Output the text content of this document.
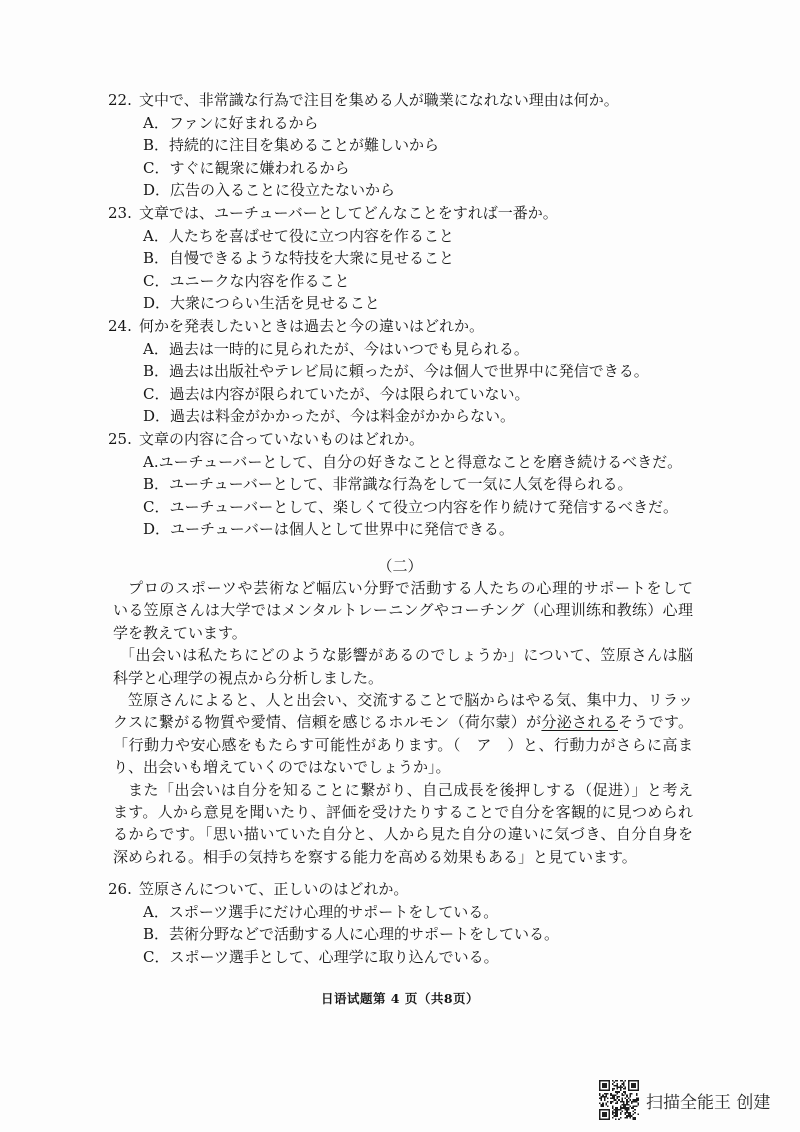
22. 文中で、非常識な行為で注目を集める人が職業になれない理由は何か。
A．ファンに好まれるから
B．持続的に注目を集めることが難しいから
C．すぐに観衆に嫌われるから
D．広告の入ることに役立たないから
23. 文章では、ユーチューバーとしてどんなことをすれば一番か。
A．人たちを喜ばせて役に立つ内容を作ること
B．自慢できるような特技を大衆に見せること
C．ユニークな内容を作ること
D．大衆につらい生活を見せること
24. 何かを発表したいときは過去と今の違いはどれか。
A．過去は一時的に見られたが、今はいつでも見られる。
B．過去は出版社やテレビ局に頼ったが、今は個人で世界中に発信できる。
C．過去は内容が限られていたが、今は限られていない。
D．過去は料金がかかったが、今は料金がかからない。
25. 文章の内容に合っていないものはどれか。
A.ユーチューバーとして、自分の好きなことと得意なことを磨き続けるべきだ。
B．ユーチューバーとして、非常識な行為をして一気に人気を得られる。
C．ユーチューバーとして、楽しくて役立つ内容を作り続けて発信するべきだ。
D．ユーチューバーは個人として世界中に発信できる。
（二）
プロのスポーツや芸術など幅広い分野で活動する人たちの心理的サポートをして
いる笠原さんは大学ではメンタルトレーニングやコーチング（心理训练和教练）心理
学を教えています。
「出会いは私たちにどのような影響があるのでしょうか」について、笠原さんは脳
科学と心理学の視点から分析しました。
笠原さんによると、人と出会い、交流することで脳からはやる気、集中力、リラッ
クスに繋がる物質や愛情、信頼を感じるホルモン（荷尔蒙）が分泌されるそうです。
「行動力や安心感をもたらす可能性があります。（　ア　）と、行動力がさらに高ま
り、出会いも増えていくのではないでしょうか」。
また「出会いは自分を知ることに繋がり、自己成長を後押しする（促进）」と考え
ます。人から意見を聞いたり、評価を受けたりすることで自分を客観的に見つめられ
るからです。「思い描いていた自分と、人から見た自分の違いに気づき、自分自身を
深められる。相手の気持ちを察する能力を高める効果もある」と見ています。
26. 笠原さんについて、正しいのはどれか。
A．スポーツ選手にだけ心理的サポートをしている。
B．芸術分野などで活動する人に心理的サポートをしている。
C．スポーツ選手として、心理学に取り込んでいる。
日语试题第 4 页（共8页）
扫描全能王 创建
